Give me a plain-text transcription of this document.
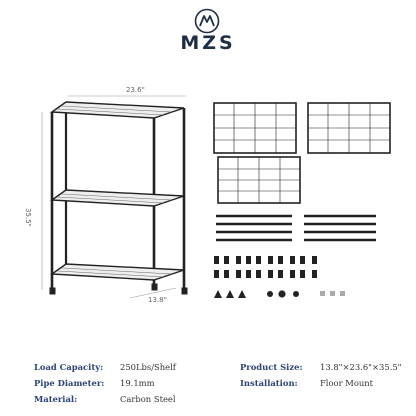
MZS
23.6"
35.5"
13.8"
Load Capacity: 250Lbs/Shelf	Product Size: 13.8"×23.6"×35.5"
Pipe Diameter: 19.1mm	Installation:	Floor Mount
Material:	Carbon Steel
